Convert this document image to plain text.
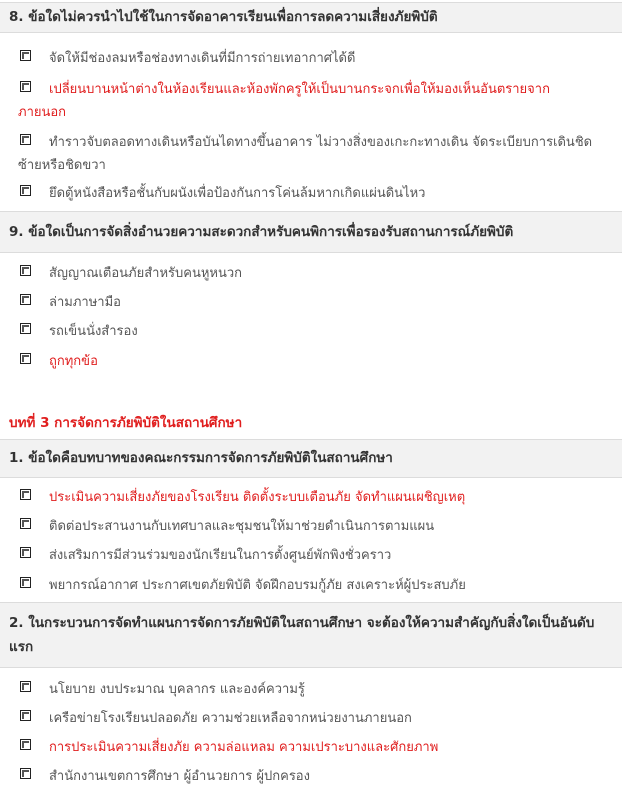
8. ข้อใดไม่ควรนำไปใช้ในการจัดอาคารเรียนเพื่อการลดความเสี่ยงภัยพิบัติ
จัดให้มีช่องลมหรือช่องทางเดินที่มีการถ่ายเทอากาศได้ดี
เปลี่ยนบานหน้าต่างในห้องเรียนและห้องพักครูให้เป็นบานกระจกเพื่อให้มองเห็นอันตรายจาก
ภายนอก
ทำราวจับตลอดทางเดินหรือบันไดทางขึ้นอาคาร ไม่วางสิ่งของเกะกะทางเดิน จัดระเบียบการเดินชิด
ซ้ายหรือชิดขวา
ยึดตู้หนังสือหรือชั้นกับผนังเพื่อป้องกันการโค่นล้มหากเกิดแผ่นดินไหว
9. ข้อใดเป็นการจัดสิ่งอำนวยความสะดวกสำหรับคนพิการเพื่อรองรับสถานการณ์ภัยพิบัติ
สัญญาณเตือนภัยสำหรับคนหูหนวก
ล่ามภาษามือ
รถเข็นนั่งสำรอง
ถูกทุกข้อ
บทที่ 3 การจัดการภัยพิบัติในสถานศึกษา
1. ข้อใดคือบทบาทของคณะกรรมการจัดการภัยพิบัติในสถานศึกษา
ประเมินความเสี่ยงภัยของโรงเรียน ติดตั้งระบบเตือนภัย จัดทำแผนเผชิญเหตุ
ติดต่อประสานงานกับเทศบาลและชุมชนให้มาช่วยดำเนินการตามแผน
ส่งเสริมการมีส่วนร่วมของนักเรียนในการตั้งศูนย์พักพิงชั่วคราว
พยากรณ์อากาศ ประกาศเขตภัยพิบัติ จัดฝึกอบรมกู้ภัย สงเคราะห์ผู้ประสบภัย
2. ในกระบวนการจัดทำแผนการจัดการภัยพิบัติในสถานศึกษา จะต้องให้ความสำคัญกับสิ่งใดเป็นอันดับ
แรก
นโยบาย งบประมาณ บุคลากร และองค์ความรู้
เครือข่ายโรงเรียนปลอดภัย ความช่วยเหลือจากหน่วยงานภายนอก
การประเมินความเสี่ยงภัย ความล่อแหลม ความเปราะบางและศักยภาพ
สำนักงานเขตการศึกษา ผู้อำนวยการ ผู้ปกครอง
